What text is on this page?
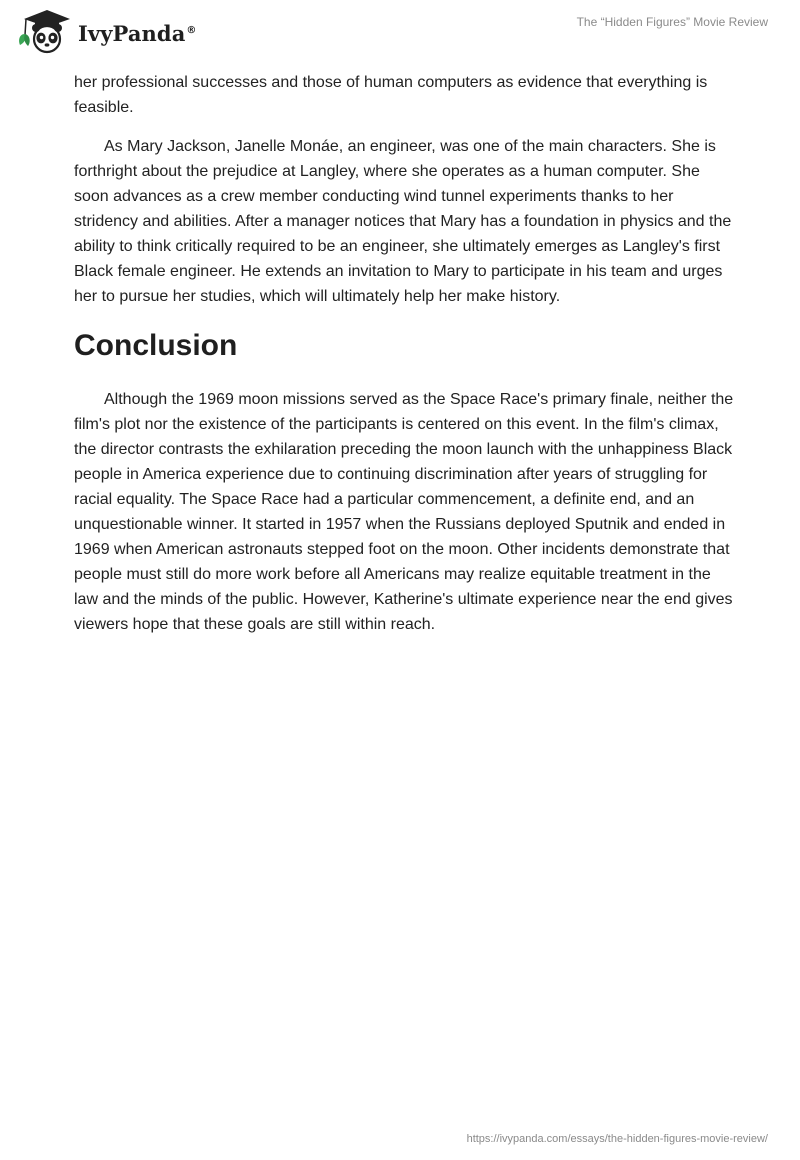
IvyPanda®
The “Hidden Figures” Movie Review

her professional successes and those of human computers as evidence that everything is feasible.

As Mary Jackson, Janelle Monáe, an engineer, was one of the main characters. She is forthright about the prejudice at Langley, where she operates as a human computer. She soon advances as a crew member conducting wind tunnel experiments thanks to her stridency and abilities. After a manager notices that Mary has a foundation in physics and the ability to think critically required to be an engineer, she ultimately emerges as Langley's first Black female engineer. He extends an invitation to Mary to participate in his team and urges her to pursue her studies, which will ultimately help her make history.

Conclusion

Although the 1969 moon missions served as the Space Race's primary finale, neither the film's plot nor the existence of the participants is centered on this event. In the film's climax, the director contrasts the exhilaration preceding the moon launch with the unhappiness Black people in America experience due to continuing discrimination after years of struggling for racial equality. The Space Race had a particular commencement, a definite end, and an unquestionable winner. It started in 1957 when the Russians deployed Sputnik and ended in 1969 when American astronauts stepped foot on the moon. Other incidents demonstrate that people must still do more work before all Americans may realize equitable treatment in the law and the minds of the public. However, Katherine's ultimate experience near the end gives viewers hope that these goals are still within reach.

https://ivypanda.com/essays/the-hidden-figures-movie-review/
